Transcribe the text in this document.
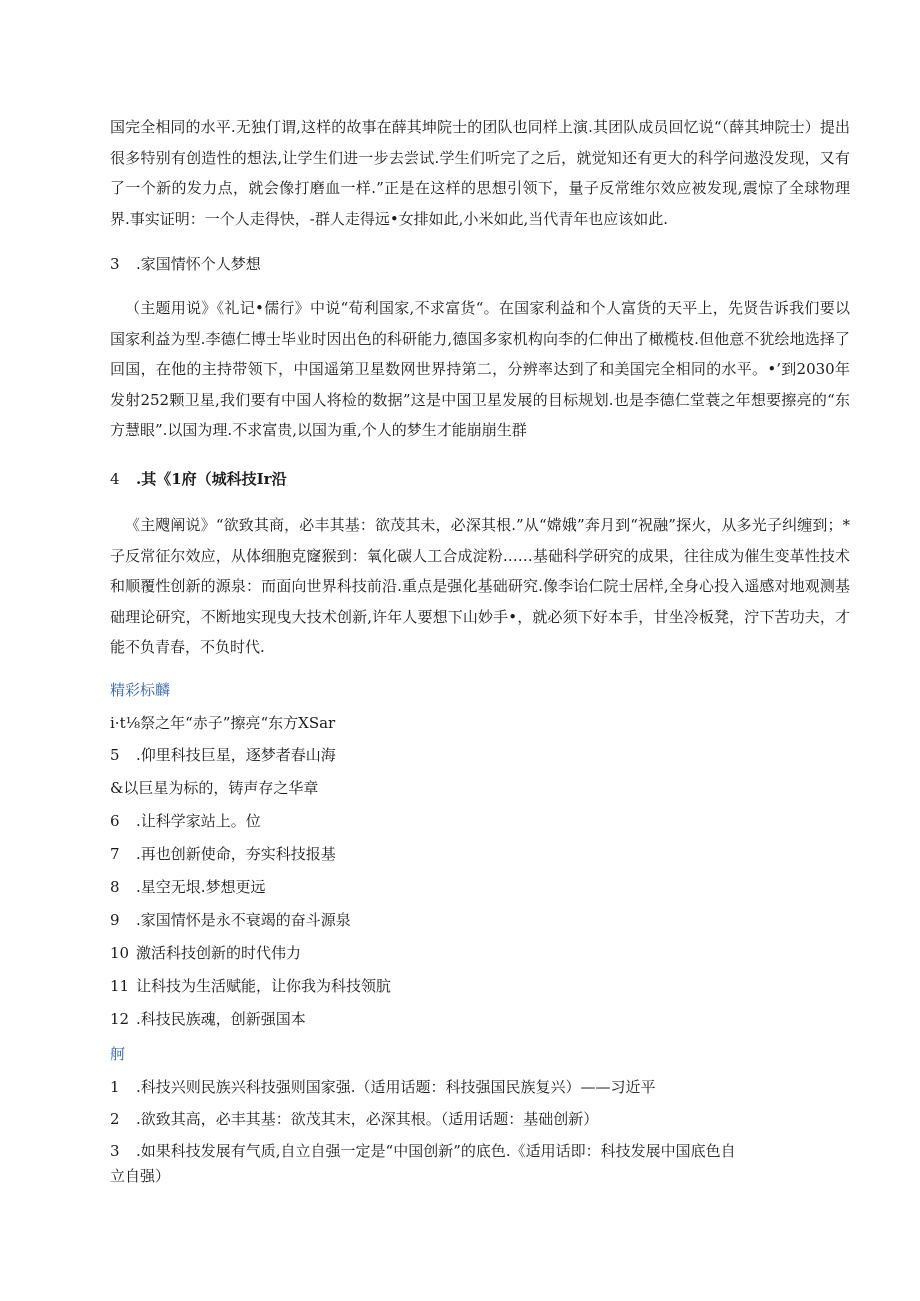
国完全相同的水平.无独仃谓,这样的故事在薛其坤院士的团队也同样上演.其团队成员回忆说“（薛其坤院士）提出很多特别有创造性的想法,让学生们进一步去尝试.学生们听完了之后，就觉知还有更大的科学问遨没发现，又有了一个新的发力点，就会像打磨血一样.”正是在这样的思想引领下，量子反常维尔效应被发现,震惊了全球物理界.事实证明：一个人走得快，-群人走得远•女排如此,小米如此,当代青年也应该如此.

3 .家国情怀个人梦想

（主题用说》《礼记•儒行》中说“荀利国家,不求富货“。在国家利益和个人富货的天平上，先贤告诉我们要以国家利益为型.李德仁博士毕业时因出色的科研能力,德国多家机构向李的仁伸出了橄榄枝.但他意不犹绘地选择了回国，在他的主持带领下，中国遥第卫星数网世界持第二，分辨率达到了和美国完全相同的水平。•’到2030年发射252颗卫星,我们要有中国人将检的数据”这是中国卫星发展的目标规划.也是李德仁堂蓑之年想要擦亮的“东方慧眼”.以国为理.不求富贵,以国为重,个人的梦生才能崩崩生群

4 .其《1府（城科技Ir沿

《主飕阐说》“欲致其商，必丰其基：欲茂其未，必深其根.”从“嫦娥”奔月到“祝融”探火，从多光子纠缠到；*子反常征尔效应，从体细胞克窿猴到：氧化碳人工合成淀粉……基础科学研究的成果，往往成为催生变革性技术和顺覆性创新的源泉：而面向世界科技前沿.重点是强化基础研究.像李诒仁院士居样,全身心投入遥感对地观测基础理论研究，不断地实现曳大技术创新,许年人要想下山妙手•，就必须下好本手，甘坐冷板凳，泞下苦功夫，才能不负青春，不负时代.

精彩标麟

i·t⅛祭之年“赤子”擦亮“东方XSar

5 .仰里科技巨星，逐梦者春山海

&以巨星为标的，铸声存之华章

6 .让科学家站上。位

7 .再也创新使命，夯实科技报基

8 .星空无垠.梦想更远

9 .家国情怀是永不衰竭的奋斗源泉

10 激活科技创新的时代伟力

11 让科技为生活赋能，让你我为科技领肮

12 .科技民族魂，创新强国本

舸

1 .科技兴则民族兴科技强则国家强.（适用话题：科技强国民族复兴）——习近平

2 .欲致其高，必丰其基：欲茂其末，必深其根。（适用话题：基础创新）

3 .如果科技发展有气质,自立自强一定是“中国创新”的底色.《适用话即：科技发展中国底色自

立自强）
